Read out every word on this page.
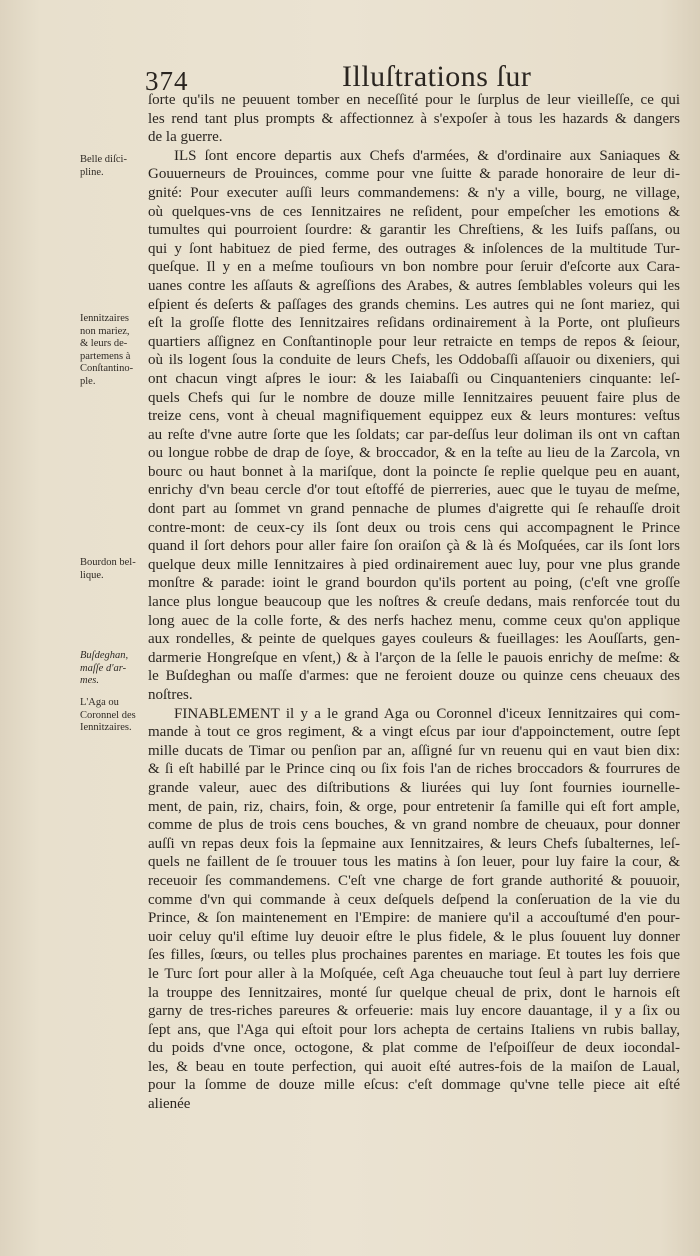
374	Illuſtrations ſur
Belle diſci-
pline.
Iennitzaires
non mariez,
& leurs de-
partemens à
Conſtantino-
ple.
Bourdon bel-
lique.
Buſdeghan,
maſſe d'ar-
mes.
L'Aga ou
Coronnel des
Iennitzaires.
ſorte qu'ils ne peuuent tomber en neceſſité pour le ſurplus de leur vieilleſſe, ce qui
les rend tant plus prompts & affectionnez à s'expoſer à tous les hazards & dangers
de la guerre.
ILS ſont encore departis aux Chefs d'armées, & d'ordinaire aux Saniaques &
Gouuerneurs de Prouinces, comme pour vne ſuitte & parade honoraire de leur di-
gnité: Pour executer auſſi leurs commandemens: & n'y a ville, bourg, ne village,
où quelques-vns de ces Iennitzaires ne reſident, pour empeſcher les emotions &
tumultes qui pourroient ſourdre: & garantir les Chreſtiens, & les Iuifs paſſans, ou
qui y ſont habituez de pied ferme, des outrages & inſolences de la multitude Tur-
queſque. Il y en a meſme touſiours vn bon nombre pour ſeruir d'eſcorte aux Cara-
uanes contre les aſſauts & agreſſions des Arabes, & autres ſemblables voleurs qui les
eſpient és deſerts & paſſages des grands chemins. Les autres qui ne ſont mariez, qui
eſt la groſſe flotte des Iennitzaires reſidans ordinairement à la Porte, ont pluſieurs
quartiers aſſignez en Conſtantinople pour leur retraicte en temps de repos & ſeiour,
où ils logent ſous la conduite de leurs Chefs, les Oddobaſſi aſſauoir ou dixeniers, qui
ont chacun vingt aſpres le iour: & les Iaiabaſſi ou Cinquanteniers cinquante: leſ-
quels Chefs qui ſur le nombre de douze mille Iennitzaires peuuent faire plus de
treize cens, vont à cheual magnifiquement equippez eux & leurs montures: veſtus
au reſte d'vne autre ſorte que les ſoldats; car par-deſſus leur doliman ils ont vn caftan
ou longue robbe de drap de ſoye, & broccador, & en la teſte au lieu de la Zarcola, vn
bourc ou haut bonnet à la mariſque, dont la poincte ſe replie quelque peu en auant,
enrichy d'vn beau cercle d'or tout eſtoffé de pierreries, auec que le tuyau de meſme,
dont part au ſommet vn grand pennache de plumes d'aigrette qui ſe rehauſſe droit
contre-mont: de ceux-cy ils ſont deux ou trois cens qui accompagnent le Prince
quand il ſort dehors pour aller faire ſon oraiſon çà & là és Moſquées, car ils ſont lors
quelque deux mille Iennitzaires à pied ordinairement auec luy, pour vne plus grande
monſtre & parade: ioint le grand bourdon qu'ils portent au poing, (c'eſt vne groſſe
lance plus longue beaucoup que les noſtres & creuſe dedans, mais renforcée tout du
long auec de la colle forte, & des nerfs hachez menu, comme ceux qu'on applique
aux rondelles, & peinte de quelques gayes couleurs & fueillages: les Aouſſarts, gen-
darmerie Hongreſque en vſent,) & à l'arçon de la ſelle le pauois enrichy de meſme: &
le Buſdeghan ou maſſe d'armes: que ne feroient douze ou quinze cens cheuaux des
noſtres.
FINABLEMENT il y a le grand Aga ou Coronnel d'iceux Iennitzaires qui com-
mande à tout ce gros regiment, & a vingt eſcus par iour d'appoinctement, outre ſept
mille ducats de Timar ou penſion par an, aſſigné ſur vn reuenu qui en vaut bien dix:
& ſi eſt habillé par le Prince cinq ou ſix fois l'an de riches broccadors & fourrures de
grande valeur, auec des diſtributions & liurées qui luy ſont fournies iournelle-
ment, de pain, riz, chairs, foin, & orge, pour entretenir ſa famille qui eſt fort ample,
comme de plus de trois cens bouches, & vn grand nombre de cheuaux, pour donner
auſſi vn repas deux fois la ſepmaine aux Iennitzaires, & leurs Chefs ſubalternes, leſ-
quels ne faillent de ſe trouuer tous les matins à ſon leuer, pour luy faire la cour, &
receuoir ſes commandemens. C'eſt vne charge de fort grande authorité & pouuoir,
comme d'vn qui commande à ceux deſquels deſpend la conſeruation de la vie du
Prince, & ſon maintenement en l'Empire: de maniere qu'il a accouſtumé d'en pour-
uoir celuy qu'il eſtime luy deuoir eſtre le plus fidele, & le plus ſouuent luy donner
ſes filles, ſœurs, ou telles plus prochaines parentes en mariage. Et toutes les fois que
le Turc ſort pour aller à la Moſquée, ceſt Aga cheuauche tout ſeul à part luy derriere
la trouppe des Iennitzaires, monté ſur quelque cheual de prix, dont le harnois eſt
garny de tres-riches pareures & orfeuerie: mais luy encore dauantage, il y a ſix ou
ſept ans, que l'Aga qui eſtoit pour lors achepta de certains Italiens vn rubis ballay,
du poids d'vne once, octogone, & plat comme de l'eſpoiſſeur de deux iocondal-
les, & beau en toute perfection, qui auoit eſté autres-fois de la maiſon de Laual,
pour la ſomme de douze mille eſcus: c'eſt dommage qu'vne telle piece ait eſté
alienée
